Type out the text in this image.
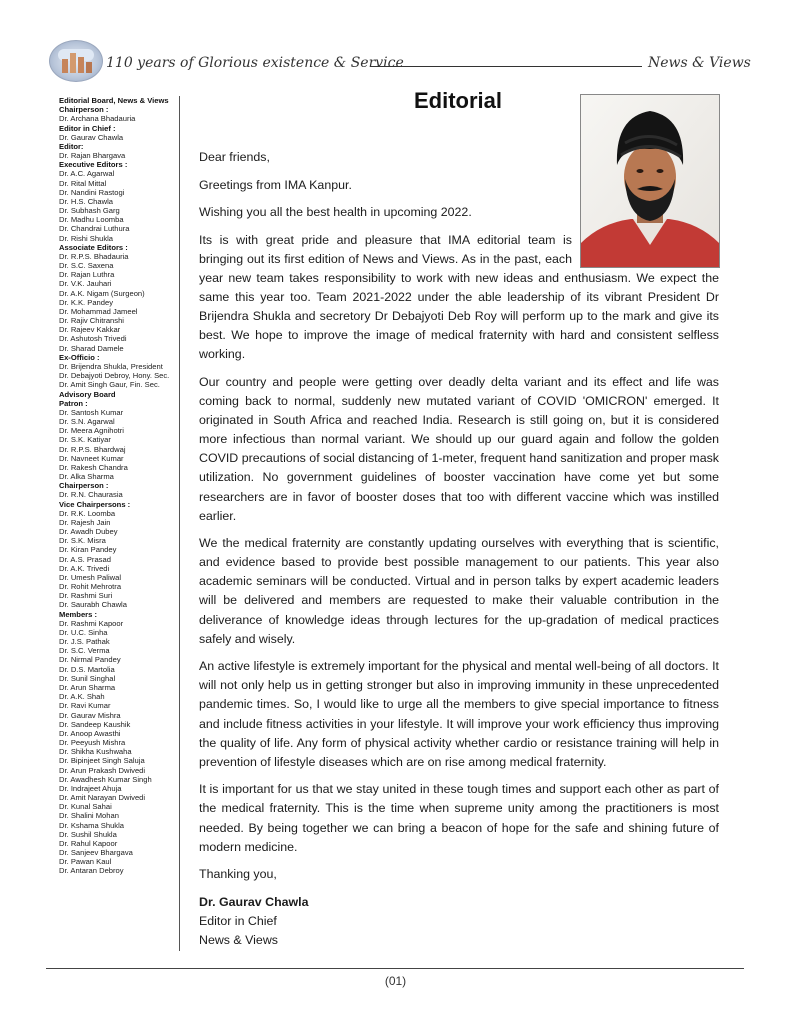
110 years of Glorious existence & Service	News & Views
Editorial Board, News & Views
Chairperson :
Dr. Archana Bhadauria
Editor in Chief :
Dr. Gaurav Chawla
Editor:
Dr. Rajan Bhargava
Executive Editors :
Dr. A.C. Agarwal
Dr. Rital Mittal
Dr. Nandini Rastogi
Dr. H.S. Chawla
Dr. Subhash Garg
Dr. Madhu Loomba
Dr. Chandrai Luthura
Dr. Rishi Shukla
Associate Editors :
Dr. R.P.S. Bhadauria
Dr. S.C. Saxena
Dr. Rajan Luthra
Dr. V.K. Jauhari
Dr. A.K. Nigam (Surgeon)
Dr. K.K. Pandey
Dr. Mohammad Jameel
Dr. Rajiv Chitranshi
Dr. Rajeev Kakkar
Dr. Ashutosh Trivedi
Dr. Sharad Damele
Ex-Officio :
Dr. Brijendra Shukla, President
Dr. Debajyoti Debroy, Hony. Sec.
Dr. Amit Singh Gaur, Fin. Sec.
Advisory Board
Patron :
Dr. Santosh Kumar
Dr. S.N. Agarwal
Dr. Meera Agnihotri
Dr. S.K. Katiyar
Dr. R.P.S. Bhardwaj
Dr. Navneet Kumar
Dr. Rakesh Chandra
Dr. Alka Sharma
Chairperson :
Dr. R.N. Chaurasia
Vice Chairpersons :
Dr. R.K. Loomba
Dr. Rajesh Jain
Dr. Awadh Dubey
Dr. S.K. Misra
Dr. Kiran Pandey
Dr. A.S. Prasad
Dr. A.K. Trivedi
Dr. Umesh Paliwal
Dr. Rohit Mehrotra
Dr. Rashmi Suri
Dr. Saurabh Chawla
Members :
Dr. Rashmi Kapoor
Dr. U.C. Sinha
Dr. J.S. Pathak
Dr. S.C. Verma
Dr. Nirmal Pandey
Dr. D.S. Martolia
Dr. Sunil Singhal
Dr. Arun Sharma
Dr. A.K. Shah
Dr. Ravi Kumar
Dr. Gaurav Mishra
Dr. Sandeep Kaushik
Dr. Anoop Awasthi
Dr. Peeyush Mishra
Dr. Shikha Kushwaha
Dr. Bipinjeet Singh Saluja
Dr. Arun Prakash Dwivedi
Dr. Awadhesh Kumar Singh
Dr. Indrajeet Ahuja
Dr. Amit Narayan Dwivedi
Dr. Kunal Sahai
Dr. Shalini Mohan
Dr. Kshama Shukla
Dr. Sushil Shukla
Dr. Rahul Kapoor
Dr. Sanjeev Bhargava
Dr. Pawan Kaul
Dr. Antaran Debroy
Editorial

Dear friends,

Greetings from IMA Kanpur.

Wishing you all the best health in upcoming 2022.

Its is with great pride and pleasure that IMA editorial team is bringing out its first edition of News and Views. As in the past, each year new team takes responsibility to work with new ideas and enthusiasm. We expect the same this year too. Team 2021-2022 under the able leadership of its vibrant President Dr Brijendra Shukla and secretory Dr Debajyoti Deb Roy will perform up to the mark and give its best. We hope to improve the image of medical fraternity with hard and consistent selfless working.

Our country and people were getting over deadly delta variant and its effect and life was coming back to normal, suddenly new mutated variant of COVID 'OMICRON' emerged. It originated in South Africa and reached India. Research is still going on, but it is considered more infectious than normal variant. We should up our guard again and follow the golden COVID precautions of social distancing of 1-meter, frequent hand sanitization and proper mask utilization. No government guidelines of booster vaccination have come yet but some researchers are in favor of booster doses that too with different vaccine which was instilled earlier.

We the medical fraternity are constantly updating ourselves with everything that is scientific, and evidence based to provide best possible management to our patients. This year also academic seminars will be conducted. Virtual and in person talks by expert academic leaders will be delivered and members are requested to make their valuable contribution in the deliverance of knowledge ideas through lectures for the up-gradation of medical practices safely and wisely.

An active lifestyle is extremely important for the physical and mental well-being of all doctors. It will not only help us in getting stronger but also in improving immunity in these unprecedented pandemic times. So, I would like to urge all the members to give special importance to fitness and include fitness activities in your lifestyle. It will improve your work efficiency thus improving the quality of life. Any form of physical activity whether cardio or resistance training will help in prevention of lifestyle diseases which are on rise among medical fraternity.

It is important for us that we stay united in these tough times and support each other as part of the medical fraternity. This is the time when supreme unity among the practitioners is most needed. By being together we can bring a beacon of hope for the safe and shining future of modern medicine.

Thanking you,

Dr. Gaurav Chawla

Editor in Chief

News & Views

(01)
